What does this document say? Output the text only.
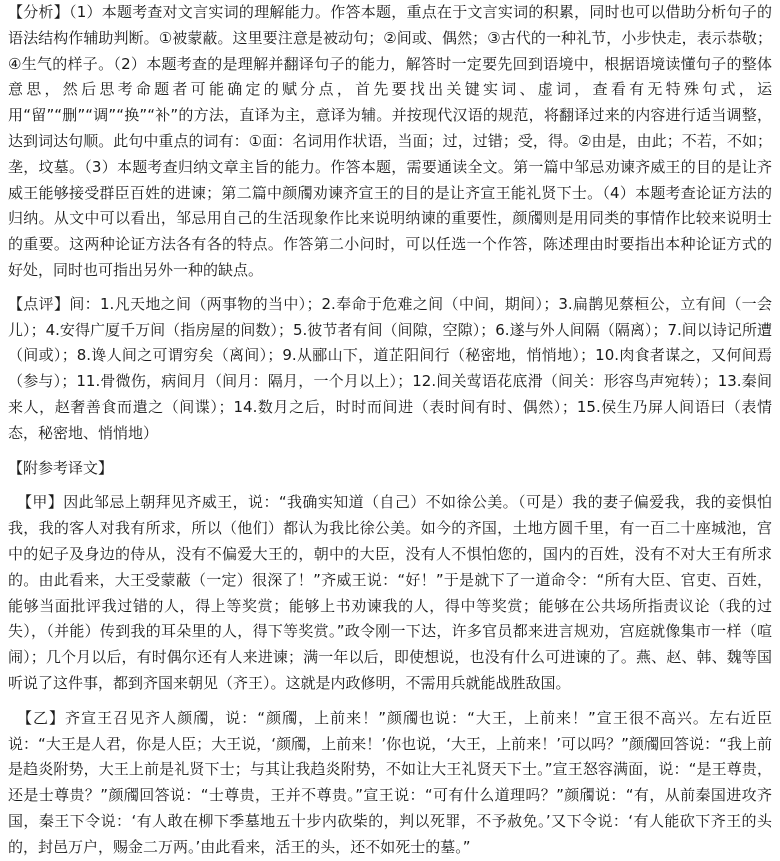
【分析】（1）本题考查对文言实词的理解能力。作答本题，重点在于文言实词的积累，同时也可以借助分析句子的语法结构作辅助判断。①被蒙蔽。这里要注意是被动句；②间或、偶然；③古代的一种礼节，小步快走，表示恭敬；④生气的样子。（2）本题考查的是理解并翻译句子的能力，解答时一定要先回到语境中，根据语境读懂句子的整体意思，然后思考命题者可能确定的赋分点，首先要找出关键实词、虚词，查看有无特殊句式，运用“留”“删”“调”“换”“补”的方法，直译为主，意译为辅。并按现代汉语的规范，将翻译过来的内容进行适当调整，达到词达句顺。此句中重点的词有：①面：名词用作状语，当面；过，过错；受，得。②由是，由此；不若，不如；垄，坟墓。（3）本题考查归纳文章主旨的能力。作答本题，需要通读全文。第一篇中邹忌劝谏齐威王的目的是让齐威王能够接受群臣百姓的进谏；第二篇中颜斶劝谏齐宣王的目的是让齐宣王能礼贤下士。（4）本题考查论证方法的归纳。从文中可以看出，邹忌用自己的生活现象作比来说明纳谏的重要性，颜斶则是用同类的事情作比较来说明士的重要。这两种论证方法各有各的特点。作答第二小问时，可以任选一个作答，陈述理由时要指出本种论证方式的好处，同时也可指出另外一种的缺点。

【点评】间：1.凡天地之间（两事物的当中）；2.奉命于危难之间（中间，期间）；3.扁鹊见蔡桓公，立有间（一会儿）；4.安得广厦千万间（指房屋的间数）；5.彼节者有间（间隙，空隙）；6.遂与外人间隔（隔离）；7.间以诗记所遭（间或）；8.谗人间之可谓穷矣（离间）；9.从郦山下，道芷阳间行（秘密地，悄悄地）；10.肉食者谋之，又何间焉（参与）；11.骨微伤，病间月（间月：隔月，一个月以上）；12.间关莺语花底滑（间关：形容鸟声宛转）；13.秦间来人，赵奢善食而遣之（间谍）；14.数月之后，时时而间进（表时间有时、偶然）；15.侯生乃屏人间语曰（表情态，秘密地、悄悄地）

【附参考译文】

【甲】因此邹忌上朝拜见齐威王，说：“我确实知道（自己）不如徐公美。（可是）我的妻子偏爱我，我的妾惧怕我，我的客人对我有所求，所以（他们）都认为我比徐公美。如今的齐国，土地方圆千里，有一百二十座城池，宫中的妃子及身边的侍从，没有不偏爱大王的，朝中的大臣，没有人不惧怕您的，国内的百姓，没有不对大王有所求的。由此看来，大王受蒙蔽（一定）很深了！”齐威王说：“好！”于是就下了一道命令：“所有大臣、官吏、百姓，能够当面批评我过错的人，得上等奖赏；能够上书劝谏我的人，得中等奖赏；能够在公共场所指责议论（我的过失），（并能）传到我的耳朵里的人，得下等奖赏。”政令刚一下达，许多官员都来进言规劝，宫庭就像集市一样（喧闹）；几个月以后，有时偶尔还有人来进谏；满一年以后，即使想说，也没有什么可进谏的了。燕、赵、韩、魏等国听说了这件事，都到齐国来朝见（齐王）。这就是内政修明，不需用兵就能战胜敌国。

【乙】齐宣王召见齐人颜斶，说：“颜斶，上前来！”颜斶也说：“大王，上前来！”宣王很不高兴。左右近臣说：“大王是人君，你是人臣；大王说，‘颜斶，上前来！’你也说，‘大王，上前来！’可以吗？”颜斶回答说：“我上前是趋炎附势，大王上前是礼贤下士；与其让我趋炎附势，不如让大王礼贤天下士。”宣王怒容满面，说：“是王尊贵，还是士尊贵？”颜斶回答说：“士尊贵，王并不尊贵。”宣王说：“可有什么道理吗？”颜斶说：“有，从前秦国进攻齐国，秦王下令说：‘有人敢在柳下季墓地五十步内砍柴的，判以死罪，不予赦免。’又下令说：‘有人能砍下齐王的头的，封邑万户，赐金二万两。’由此看来，活王的头，还不如死士的墓。”
